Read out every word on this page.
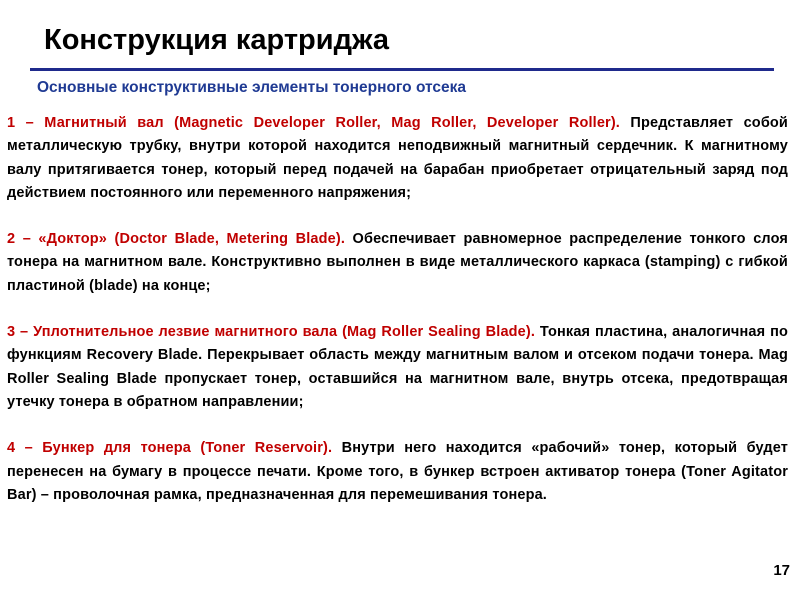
Конструкция картриджа
Основные конструктивные элементы тонерного отсека

1 – Магнитный вал (Magnetic Developer Roller, Mag Roller, Developer Roller). Представляет собой металлическую трубку, внутри которой находится неподвижный магнитный сердечник. К магнитному валу притягивается тонер, который перед подачей на барабан приобретает отрицательный заряд под действием постоянного или переменного напряжения;

2 – «Доктор» (Doctor Blade, Metering Blade). Обеспечивает равномерное распределение тонкого слоя тонера на магнитном вале. Конструктивно выполнен в виде металлического каркаса (stamping) с гибкой пластиной (blade) на конце;

3 – Уплотнительное лезвие магнитного вала (Mag Roller Sealing Blade). Тонкая пластина, аналогичная по функциям Recovery Blade. Перекрывает область между магнитным валом и отсеком подачи тонера. Mag Roller Sealing Blade пропускает тонер, оставшийся на магнитном вале, внутрь отсека, предотвращая утечку тонера в обратном направлении;

4 – Бункер для тонера (Toner Reservoir). Внутри него находится «рабочий» тонер, который будет перенесен на бумагу в процессе печати. Кроме того, в бункер встроен активатор тонера (Toner Agitator Bar) – проволочная рамка, предназначенная для перемешивания тонера.

17
